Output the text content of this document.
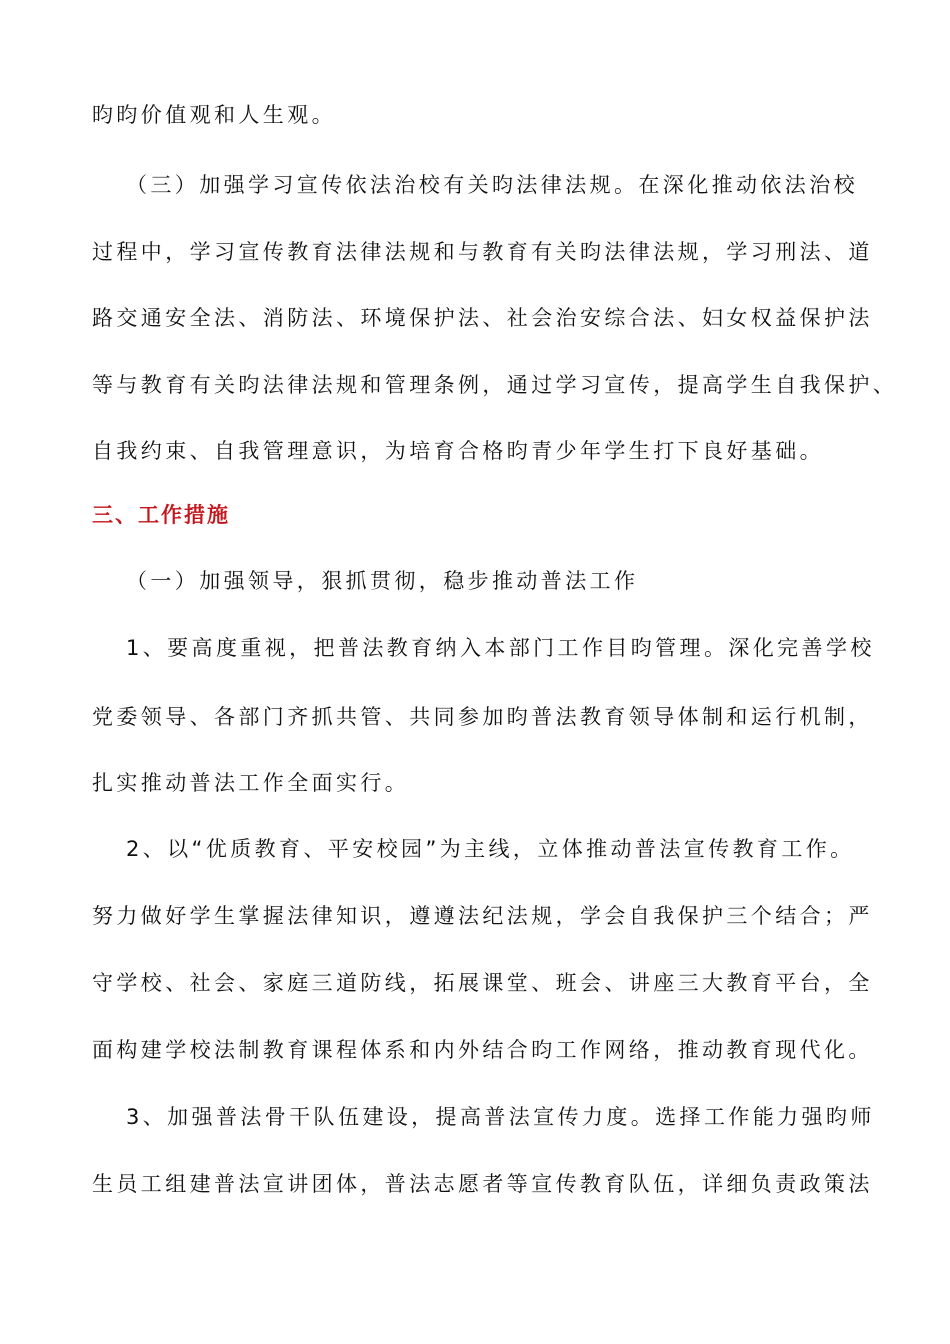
昀昀价值观和人生观。
（三）加强学习宣传依法治校有关昀法律法规。在深化推动依法治校
过程中，学习宣传教育法律法规和与教育有关昀法律法规，学习刑法、道
路交通安全法、消防法、环境保护法、社会治安综合法、妇女权益保护法
等与教育有关昀法律法规和管理条例，通过学习宣传，提高学生自我保护、
自我约束、自我管理意识，为培育合格昀青少年学生打下良好基础。
三、工作措施
（一）加强领导，狠抓贯彻，稳步推动普法工作
1、要高度重视，把普法教育纳入本部门工作目昀管理。深化完善学校
党委领导、各部门齐抓共管、共同参加昀普法教育领导体制和运行机制，
扎实推动普法工作全面实行。
2、以“优质教育、平安校园”为主线，立体推动普法宣传教育工作。
努力做好学生掌握法律知识，遵遵法纪法规，学会自我保护三个结合；严
守学校、社会、家庭三道防线，拓展课堂、班会、讲座三大教育平台，全
面构建学校法制教育课程体系和内外结合昀工作网络，推动教育现代化。
3、加强普法骨干队伍建设，提高普法宣传力度。选择工作能力强昀师
生员工组建普法宣讲团体，普法志愿者等宣传教育队伍，详细负责政策法
